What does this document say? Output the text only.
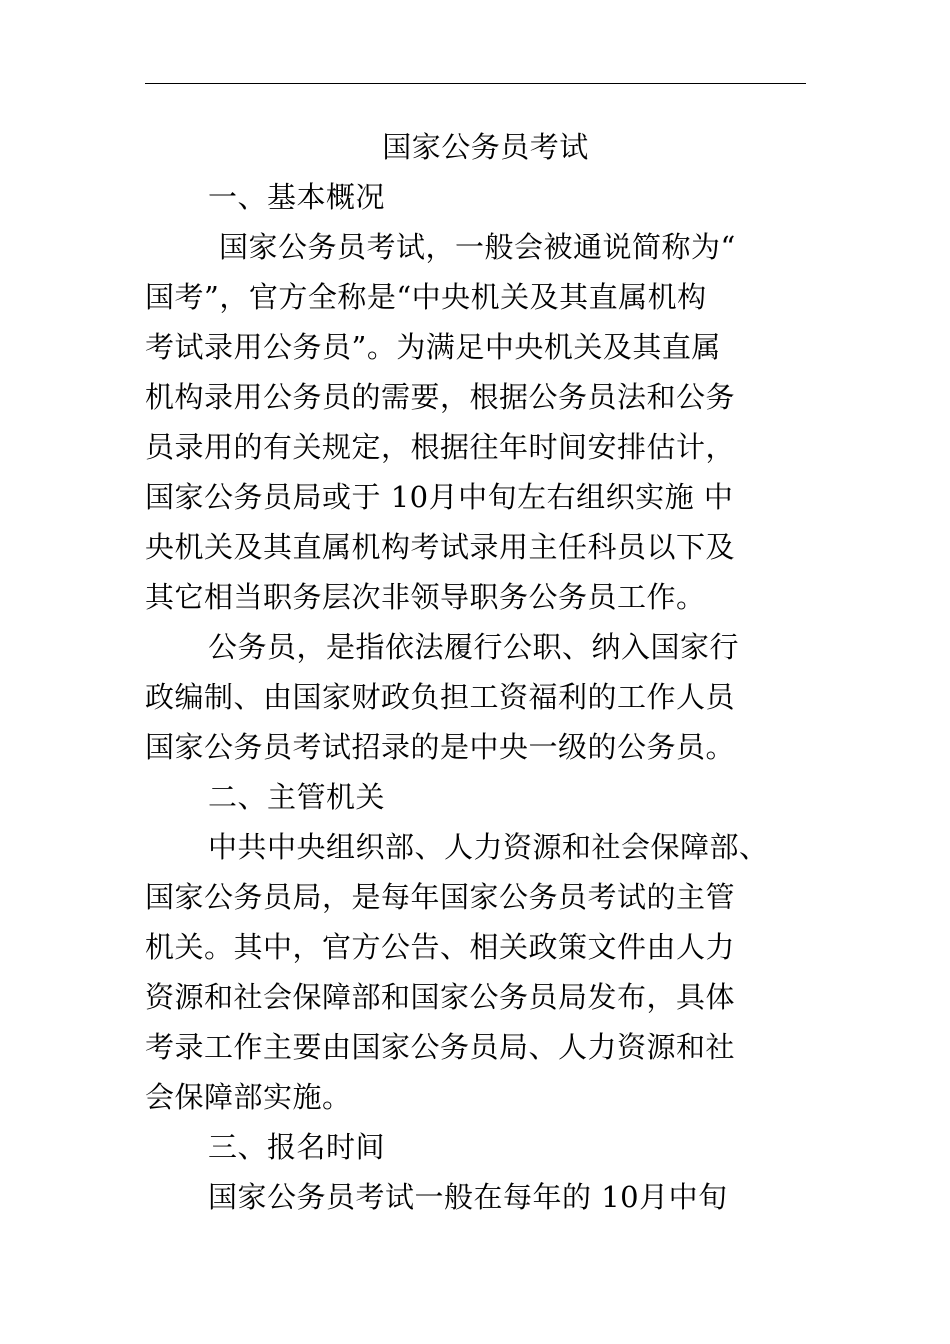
国家公务员考试
一、基本概况
国家公务员考试，一般会被通说简称为“
国考”，官方全称是“中央机关及其直属机构
考试录用公务员”。为满足中央机关及其直属
机构录用公务员的需要，根据公务员法和公务
员录用的有关规定，根据往年时间安排估计，
国家公务员局或于 10月中旬左右组织实施 中
央机关及其直属机构考试录用主任科员以下及
其它相当职务层次非领导职务公务员工作。
公务员，是指依法履行公职、纳入国家行
政编制、由国家财政负担工资福利的工作人员
国家公务员考试招录的是中央一级的公务员。
二、主管机关
中共中央组织部、人力资源和社会保障部、
国家公务员局，是每年国家公务员考试的主管
机关。其中，官方公告、相关政策文件由人力
资源和社会保障部和国家公务员局发布，具体
考录工作主要由国家公务员局、人力资源和社
会保障部实施。
三、报名时间
国家公务员考试一般在每年的 10月中旬
